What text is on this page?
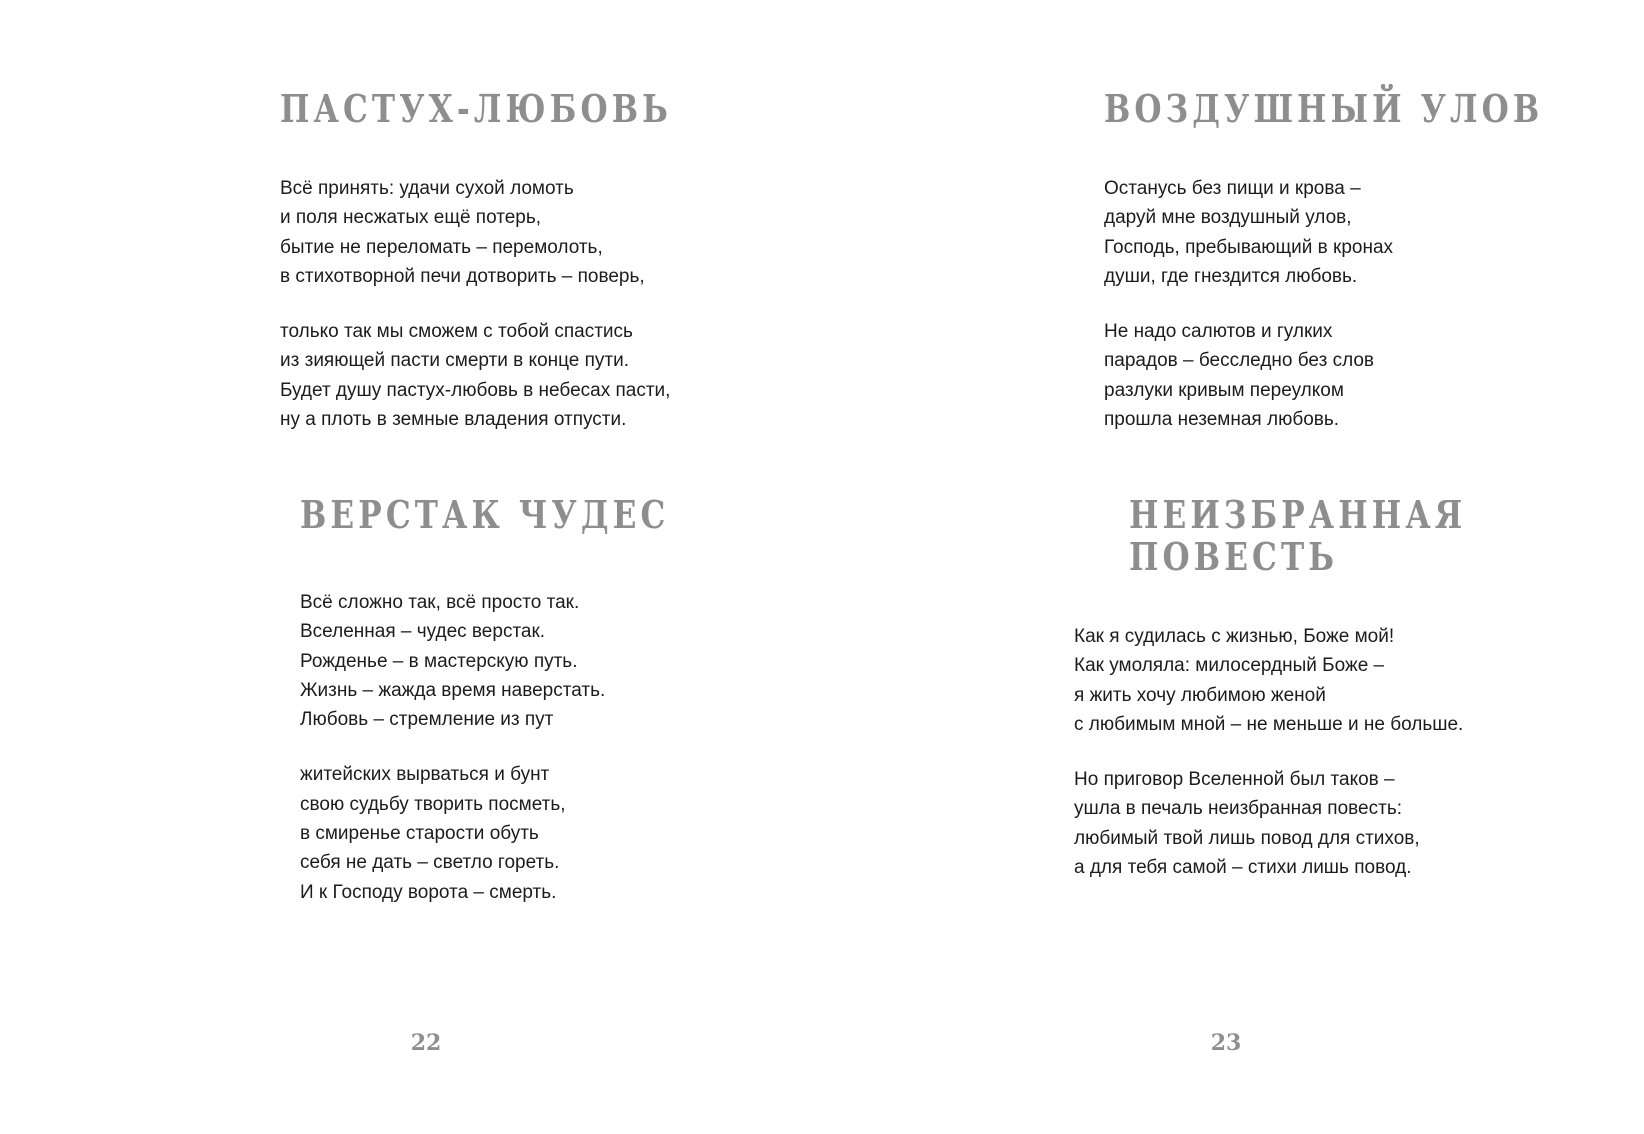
ПАСТУХ-ЛЮБОВЬ
Всё принять: удачи сухой ломоть
и поля несжатых ещё потерь,
бытие не переломать – перемолоть,
в стихотворной печи дотворить – поверь,
только так мы сможем с тобой спастись
из зияющей пасти смерти в конце пути.
Будет душу пастух-любовь в небесах пасти,
ну а плоть в земные владения отпусти.
ВЕРСТАК ЧУДЕС
Всё сложно так, всё просто так.
Вселенная – чудес верстак.
Рожденье – в мастерскую путь.
Жизнь – жажда время наверстать.
Любовь – стремление из пут
житейских вырваться и бунт
свою судьбу творить посметь,
в смиренье старости обуть
себя не дать – светло гореть.
И к Господу ворота – смерть.
22
ВОЗДУШНЫЙ УЛОВ
Останусь без пищи и крова –
даруй мне воздушный улов,
Господь, пребывающий в кронах
души, где гнездится любовь.
Не надо салютов и гулких
парадов – бесследно без слов
разлуки кривым переулком
прошла неземная любовь.
НЕИЗБРАННАЯ
ПОВЕСТЬ
Как я судилась с жизнью, Боже мой!
Как умоляла: милосердный Боже –
я жить хочу любимою женой
с любимым мной – не меньше и не больше.
Но приговор Вселенной был таков –
ушла в печаль неизбранная повесть:
любимый твой лишь повод для стихов,
а для тебя самой – стихи лишь повод.
23
